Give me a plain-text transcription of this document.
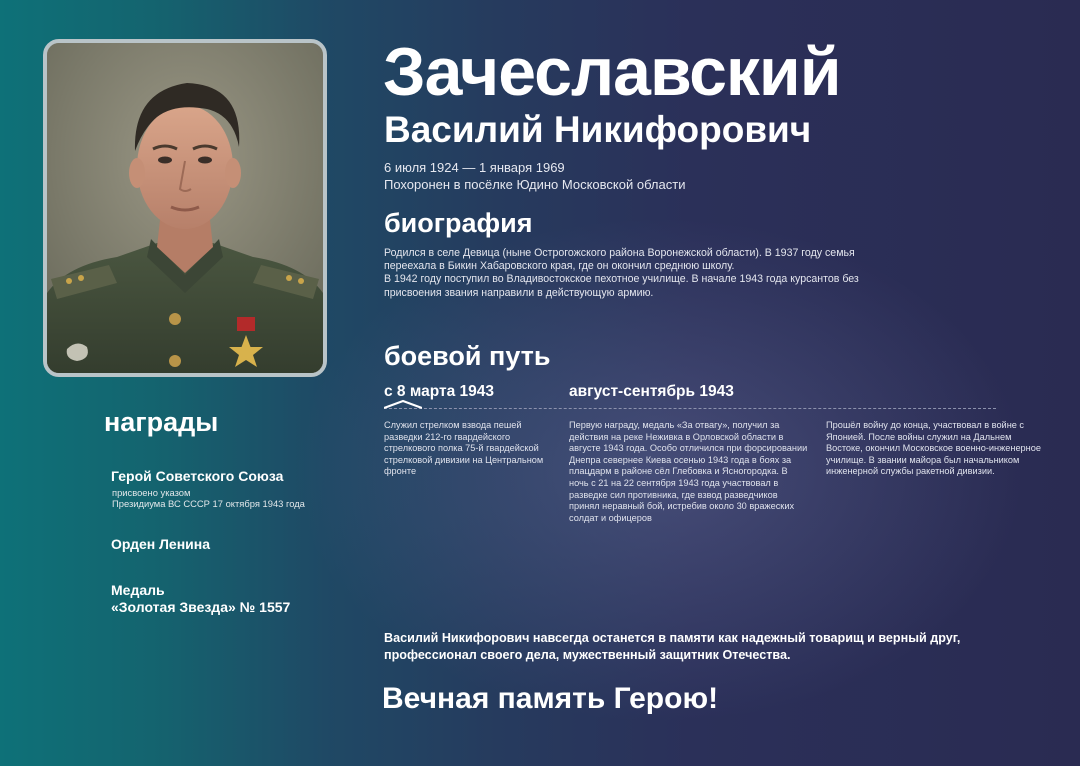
Зачеславский
Василий Никифорович
6 июля 1924 — 1 января 1969
Похоронен в посёлке Юдино Московской области
биография

Родился в селе Девица (ныне Острогожского района Воронежской области). В 1937 году семья переехала в Бикин Хабаровского края, где он окончил среднюю школу.

В 1942 году поступил во Владивостокское пехотное училище. В начале 1943 года курсантов без присвоения звания направили в действующую армию.

боевой путь
с 8 марта 1943	август-сентябрь 1943
Служил стрелком взвода пешей разведки 212-го гвардейского стрелкового полка 75-й гвардейской стрелковой дивизии на Центральном фронте
Первую награду, медаль «За отвагу», получил за действия на реке Неживка в Орловской области в августе 1943 года. Особо отличился при форсировании Днепра севернее Киева осенью 1943 года в боях за плацдарм в районе сёл Глебовка и Ясногородка. В ночь с 21 на 22 сентября 1943 года участвовал в разведке сил противника, где взвод разведчиков принял неравный бой, истребив около 30 вражеских солдат и офицеров
Прошёл войну до конца, участвовал в войне с Японией. После войны служил на Дальнем Востоке, окончил Московское военно-инженерное училище. В звании майора был начальником инженерной службы ракетной дивизии.
награды
Герой Советского Союза
присвоено указом
Президиума ВС СССР 17 октября 1943 года
Орден Ленина
Медаль
«Золотая Звезда» № 1557
Василий Никифорович навсегда останется в памяти как надежный товарищ и верный друг, профессионал своего дела, мужественный защитник Отечества.
Вечная память Герою!
